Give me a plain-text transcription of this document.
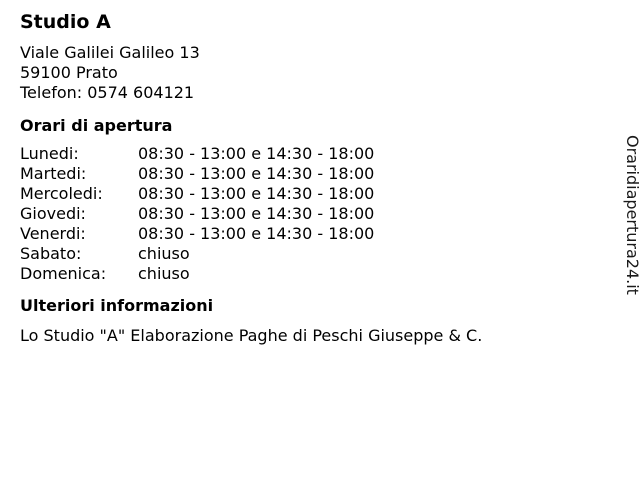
Studio A
Viale Galilei Galileo 13
59100 Prato
Telefon: 0574 604121
Orari di apertura
Lunedi:	08:30 - 13:00 e 14:30 - 18:00
Martedi:	08:30 - 13:00 e 14:30 - 18:00
Mercoledi:	08:30 - 13:00 e 14:30 - 18:00
Giovedi:	08:30 - 13:00 e 14:30 - 18:00
Venerdi:	08:30 - 13:00 e 14:30 - 18:00
Sabato:	chiuso
Domenica:	chiuso
Ulteriori informazioni
Lo Studio "A" Elaborazione Paghe di Peschi Giuseppe & C.
Oraridiapertura24.it
